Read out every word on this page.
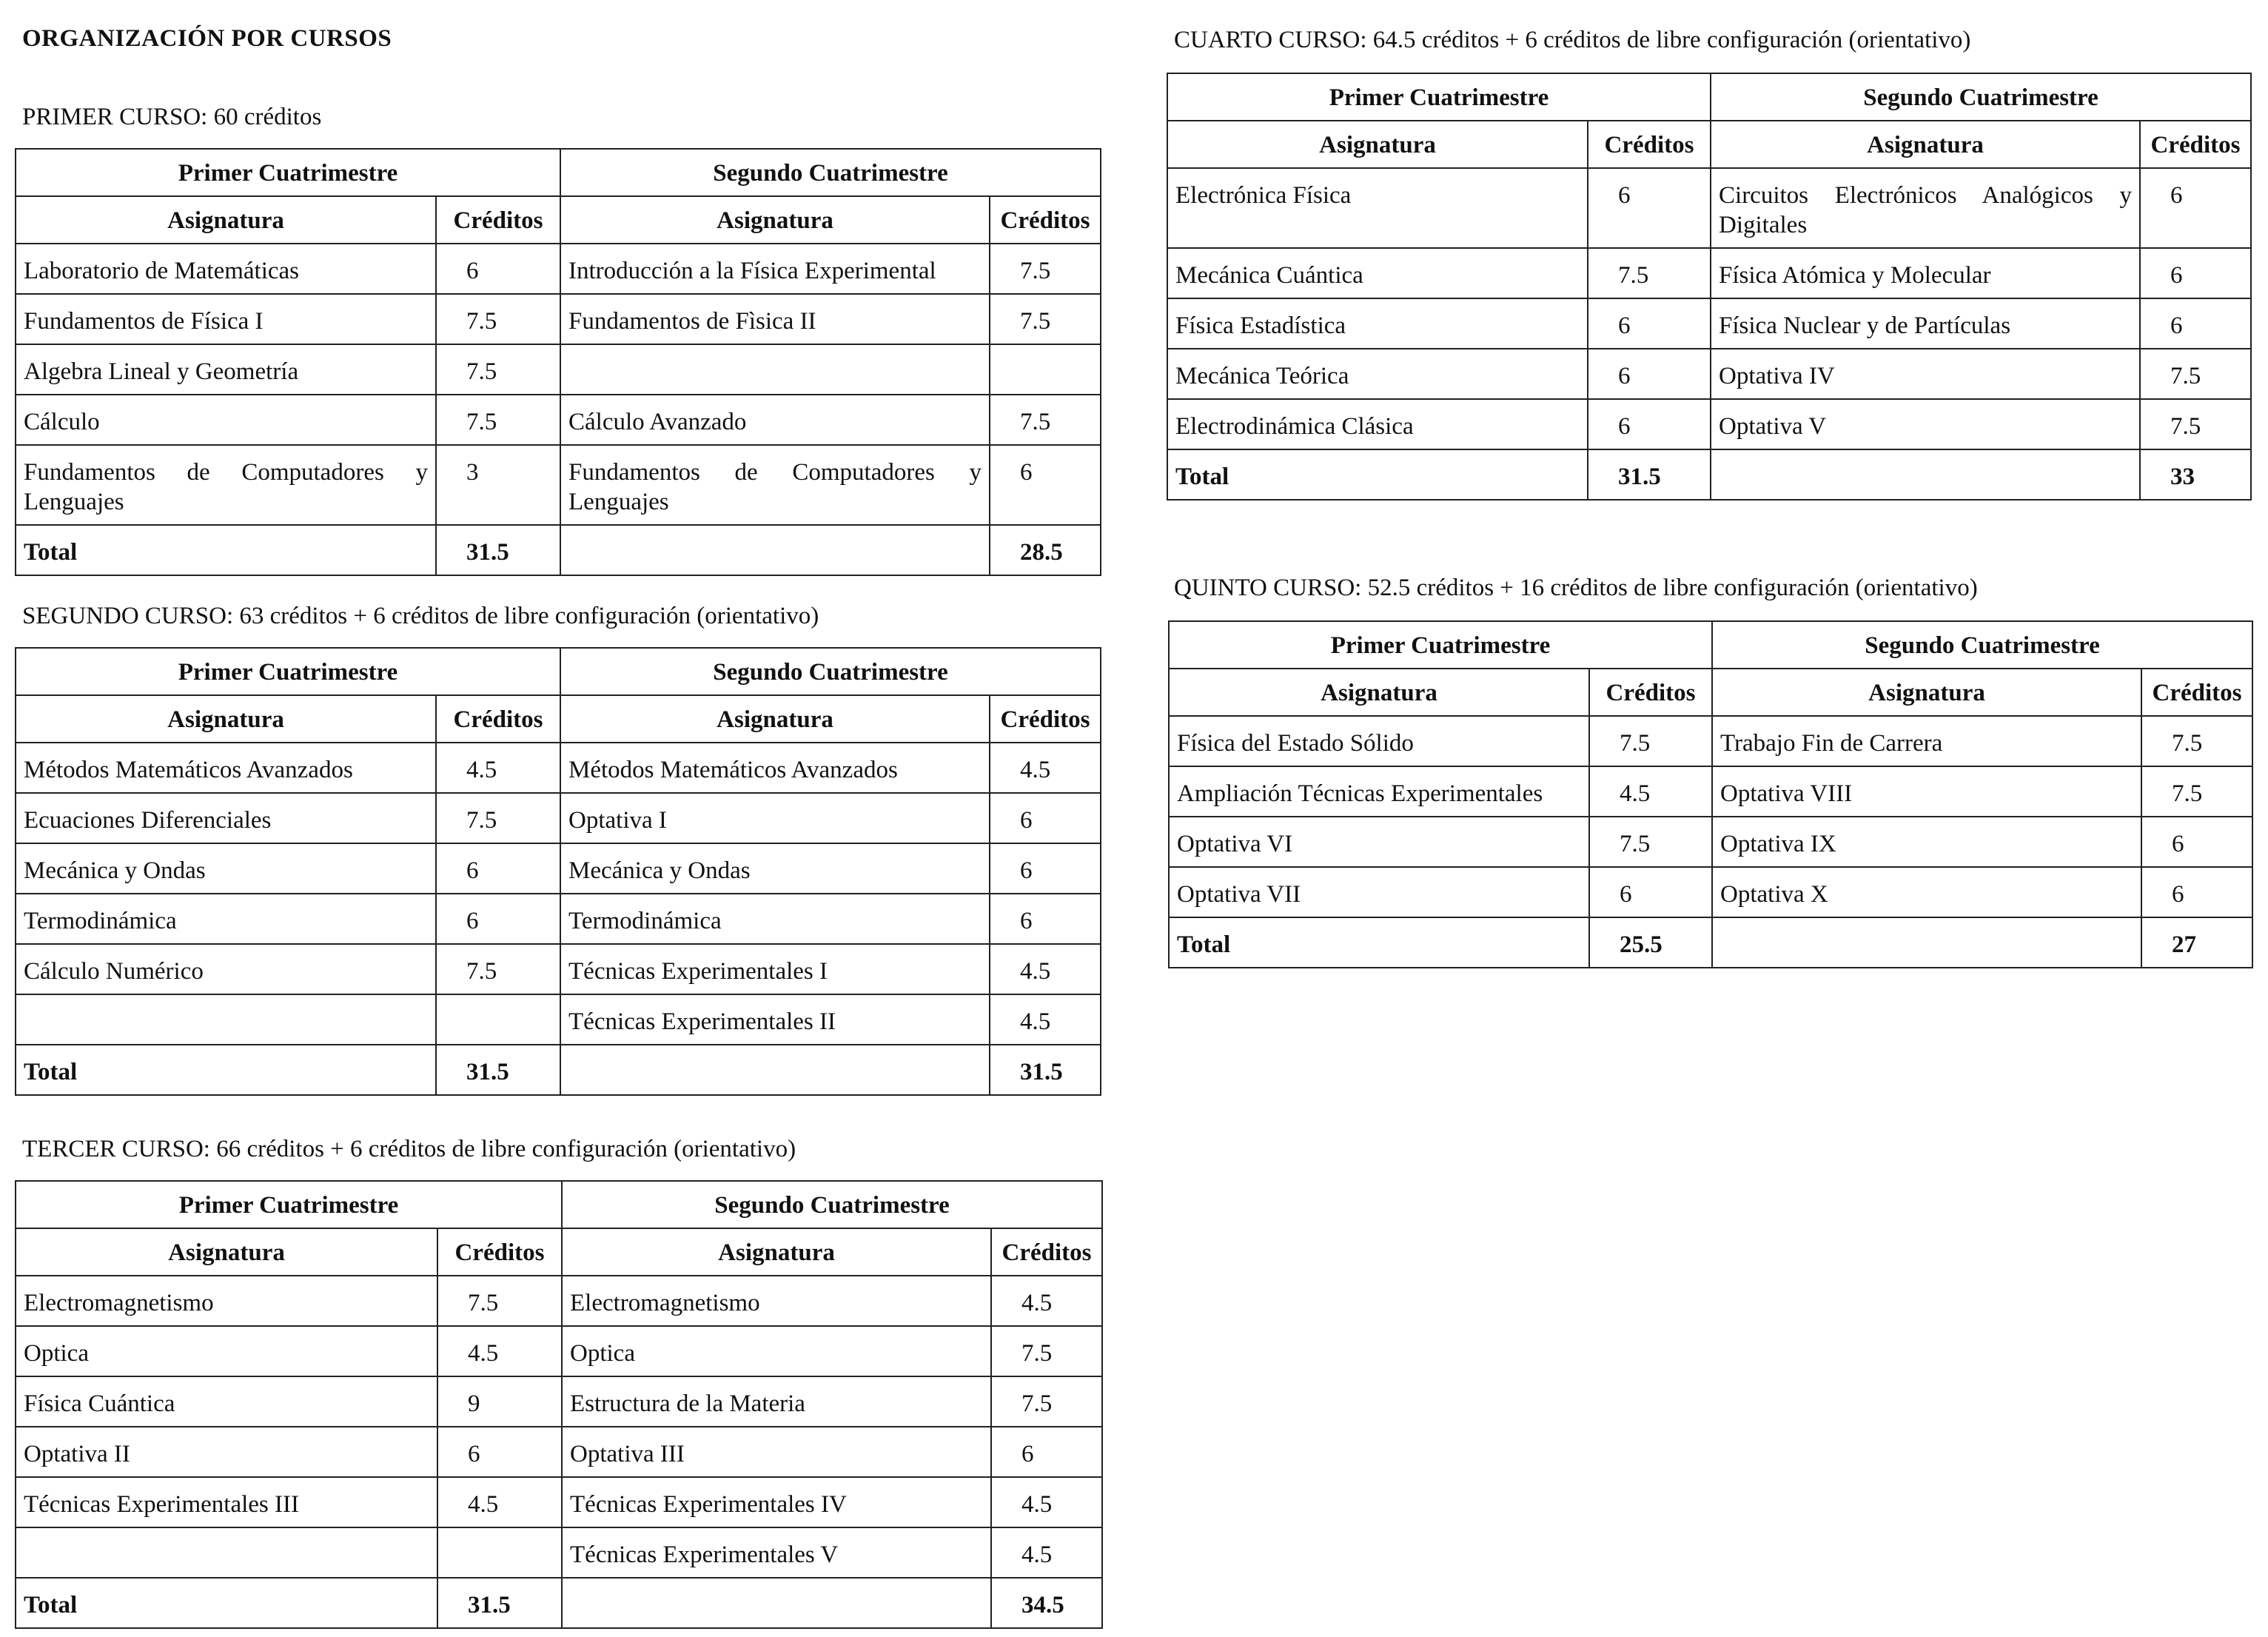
ORGANIZACIÓN POR CURSOS
PRIMER CURSO: 60 créditos
Primer Cuatrimestre		Segundo Cuatrimestre	
Asignatura	Créditos	Asignatura	Créditos
Laboratorio de Matemáticas	6	Introducción a la Física Experimental	7.5
Fundamentos de Física I	7.5	Fundamentos de Fìsica II	7.5
Algebra Lineal y Geometría	7.5		
Cálculo	7.5	Cálculo Avanzado	7.5
Fundamentos de Computadores y Lenguajes	3	Fundamentos de Computadores y Lenguajes	6
Total	31.5		28.5
SEGUNDO CURSO: 63 créditos + 6 créditos de libre configuración (orientativo)
Primer Cuatrimestre		Segundo Cuatrimestre	
Asignatura	Créditos	Asignatura	Créditos
Métodos Matemáticos Avanzados	4.5	Métodos Matemáticos Avanzados	4.5
Ecuaciones Diferenciales	7.5	Optativa I	6
Mecánica y Ondas	6	Mecánica y Ondas	6
Termodinámica	6	Termodinámica	6
Cálculo Numérico	7.5	Técnicas Experimentales I	4.5
		Técnicas Experimentales II	4.5
Total	31.5		31.5
TERCER CURSO: 66 créditos + 6 créditos de libre configuración (orientativo)
Primer Cuatrimestre		Segundo Cuatrimestre	
Asignatura	Créditos	Asignatura	Créditos
Electromagnetismo	7.5	Electromagnetismo	4.5
Optica	4.5	Optica	7.5
Física Cuántica	9	Estructura de la Materia	7.5
Optativa II	6	Optativa III	6
Técnicas Experimentales III	4.5	Técnicas Experimentales IV	4.5
		Técnicas Experimentales V	4.5
Total	31.5		34.5
CUARTO CURSO: 64.5 créditos + 6 créditos de libre configuración (orientativo)
Primer Cuatrimestre		Segundo Cuatrimestre	
Asignatura	Créditos	Asignatura	Créditos
Electrónica Física	6	Circuitos Electrónicos Analógicos y Digitales	6
Mecánica Cuántica	7.5	Física Atómica y Molecular	6
Física Estadística	6	Física Nuclear y de Partículas	6
Mecánica Teórica	6	Optativa IV	7.5
Electrodinámica Clásica	6	Optativa V	7.5
Total	31.5		33
QUINTO CURSO: 52.5 créditos + 16 créditos de libre configuración (orientativo)
Primer Cuatrimestre		Segundo Cuatrimestre	
Asignatura	Créditos	Asignatura	Créditos
Física del Estado Sólido	7.5	Trabajo Fin de Carrera	7.5
Ampliación Técnicas Experimentales	4.5	Optativa VIII	7.5
Optativa VI	7.5	Optativa IX	6
Optativa VII	6	Optativa X	6
Total	25.5		27
